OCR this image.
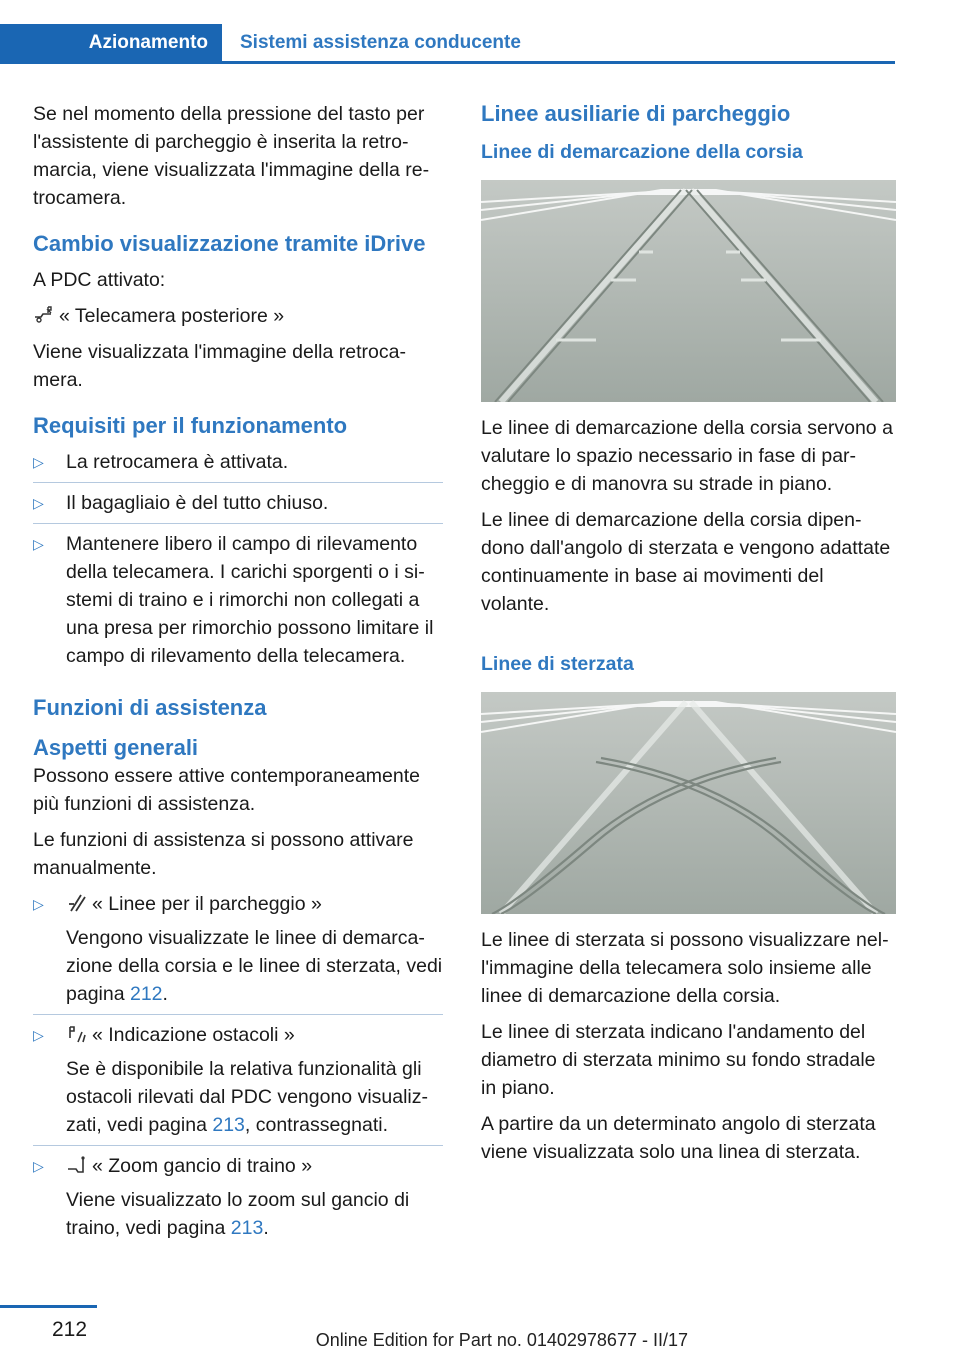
Azionamento	Sistemi assistenza conducente

Se nel momento della pressione del tasto per l'assistente di parcheggio è inserita la retromarcia, viene visualizzata l'immagine della retrocamera.

Cambio visualizzazione tramite iDrive

A PDC attivato:

« Telecamera posteriore »

Viene visualizzata l'immagine della retrocamera.

Requisiti per il funzionamento
▷ La retrocamera è attivata.
▷ Il bagagliaio è del tutto chiuso.
▷ Mantenere libero il campo di rilevamento della telecamera. I carichi sporgenti o i sistemi di traino e i rimorchi non collegati a una presa per rimorchio possono limitare il campo di rilevamento della telecamera.
Funzioni di assistenza
Aspetti generali

Possono essere attive contemporaneamente più funzioni di assistenza.

Le funzioni di assistenza si possono attivare manualmente.

▷	« Linee per il parcheggio »
Vengono visualizzate le linee di demarcazione della corsia e le linee di sterzata, vedi pagina 212.
▷	« Indicazione ostacoli »
Se è disponibile la relativa funzionalità gli ostacoli rilevati dal PDC vengono visualizzati, vedi pagina 213, contrassegnati.
▷	« Zoom gancio di traino »
Viene visualizzato lo zoom sul gancio di traino, vedi pagina 213.
Linee ausiliarie di parcheggio
Linee di demarcazione della corsia

Le linee di demarcazione della corsia servono a valutare lo spazio necessario in fase di parcheggio e di manovra su strade in piano.

Le linee di demarcazione della corsia dipendono dall'angolo di sterzata e vengono adattate continuamente in base ai movimenti del volante.

Linee di sterzata

Le linee di sterzata si possono visualizzare nell'immagine della telecamera solo insieme alle linee di demarcazione della corsia.

Le linee di sterzata indicano l'andamento del diametro di sterzata minimo su fondo stradale in piano.

A partire da un determinato angolo di sterzata viene visualizzata solo una linea di sterzata.

212	Online Edition for Part no. 01402978677 - II/17
